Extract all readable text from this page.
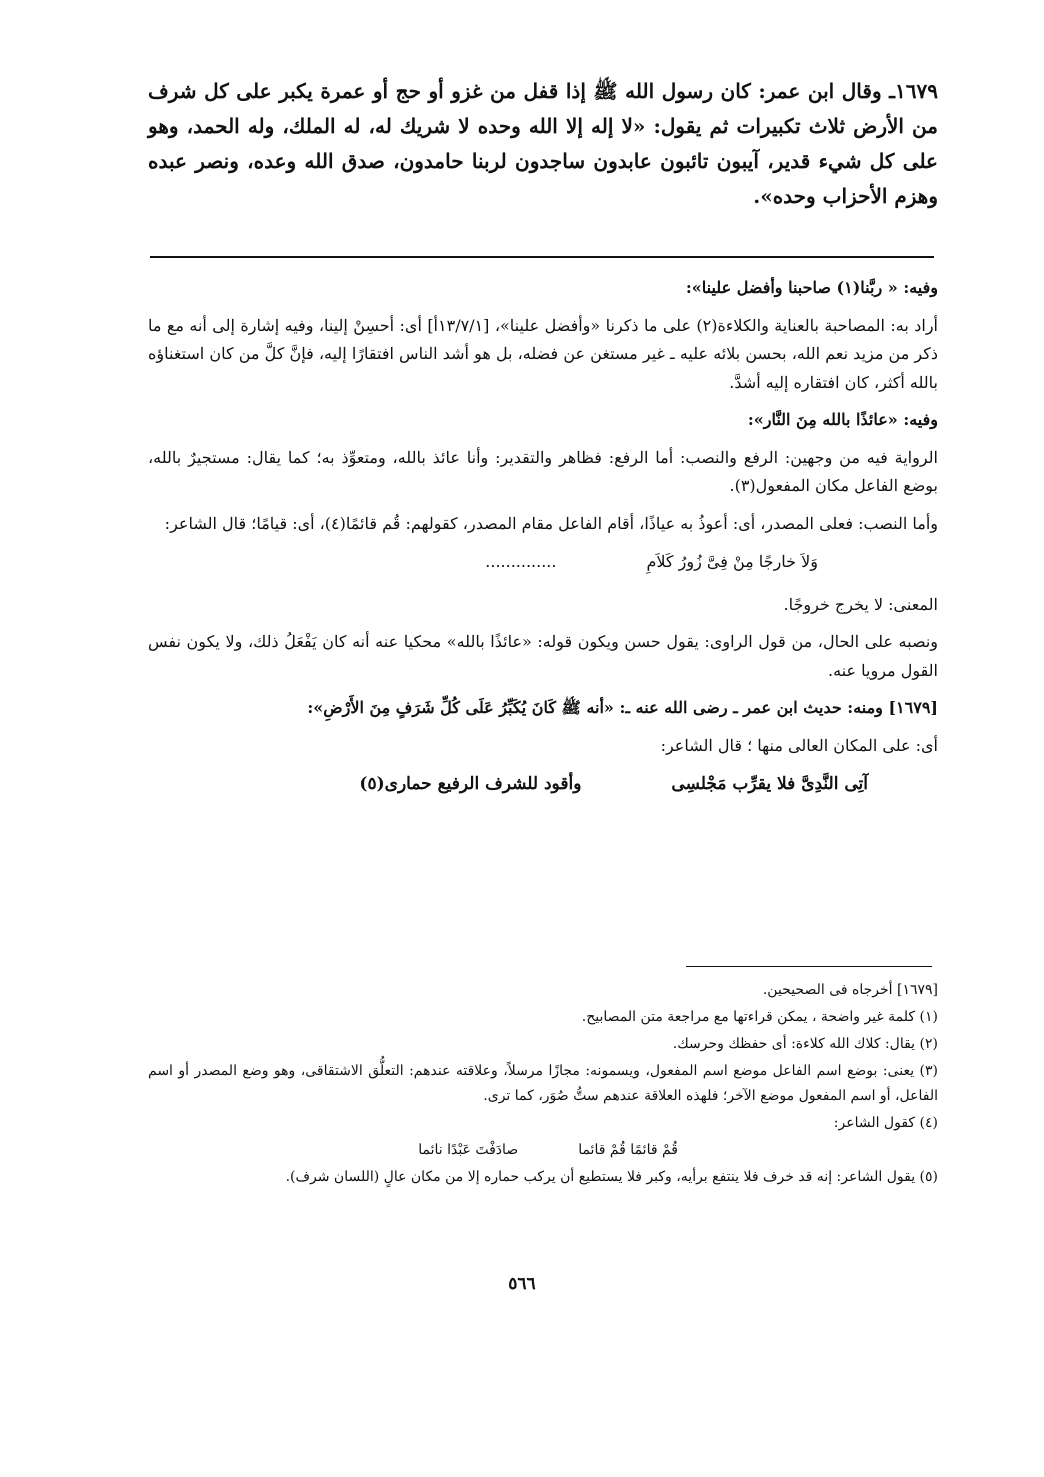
١٦٧٩ـ وقال ابن عمر: كان رسول الله ﷺ إذا قفل من غزو أو حج أو عمرة يكبر على كل شرف من الأرض ثلاث تكبيرات ثم يقول: «لا إله إلا الله وحده لا شريك له، له الملك، وله الحمد، وهو على كل شيء قدير، آيبون تائبون عابدون ساجدون لربنا حامدون، صدق الله وعده، ونصر عبده وهزم الأحزاب وحده».

وفيه: « ربَّنا(١) صاحبنا وأفضل علينا»:

أراد به: المصاحبة بالعناية والكلاءة(٢) على ما ذكرنا «وأفضل علينا»، [١٣/٧/١أ] أى: أحسِنْ إلينا، وفيه إشارة إلى أنه مع ما ذكر من مزيد نعم الله، بحسن بلائه عليه ـ غير مستغن عن فضله، بل هو أشد الناس افتقارًا إليه، فإنَّ كلَّ من كان استغناؤه بالله أكثر، كان افتقاره إليه أشدَّ.

وفيه: «عائذًا بالله مِنَ النَّار»:

الرواية فيه من وجهين: الرفع والنصب: أما الرفع: فظاهر والتقدير: وأنا عائذ بالله، ومتعوِّذ به؛ كما يقال: مستجيرٌ بالله، بوضع الفاعل مكان المفعول(٣).

وأما النصب: فعلى المصدر، أى: أعوذُ به عياذًا، أقام الفاعل مقام المصدر، كقولهم: قُم قائمًا(٤)، أى: قيامًا؛ قال الشاعر:

وَلاَ خارجًا مِنْ فِىَّ زُورُ كَلاَمِ
..............

المعنى: لا يخرج خروجًا.

ونصبه على الحال، من قول الراوى: يقول حسن ويكون قوله: «عائذًا بالله» محكيا عنه أنه كان يَفْعَلُ ذلك، ولا يكون نفس القول مرويا عنه.

[١٦٧٩] ومنه: حديث ابن عمر ـ رضى الله عنه ـ: «أنه ﷺ كَانَ يُكَبِّرُ عَلَى كُلِّ شَرَفٍ مِنَ الأَرْضِ»:

أى: على المكان العالى منها ؛ قال الشاعر:

آتِى النَّدِىَّ فلا يقرِّب مَجْلسِى
وأقود للشرف الرفيع حمارى(٥)

[١٦٧٩] أخرجاه فى الصحيحين.

(١) كلمة غير واضحة ، يمكن قراءتها مع مراجعة متن المصابيح.

(٢) يقال: كلاك الله كلاءة: أى حفظك وحرسك.

(٣) يعنى: بوضع اسم الفاعل موضع اسم المفعول، ويسمونه: مجازًا مرسلاً، وعلاقته عندهم: التعلُّق الاشتقاقى، وهو وضع المصدر أو اسم الفاعل، أو اسم المفعول موضع الآخر؛ فلهذه العلاقة عندهم ستُّ صُوَر، كما ترى.

(٤) كقول الشاعر:

قُمْ قائمًا قُمْ قائما
صادَفْتَ عَبْدًا نائما

(٥) يقول الشاعر: إنه قد خرف فلا ينتفع برأيه، وكبر فلا يستطيع أن يركب حماره إلا من مكان عالٍ (اللسان شرف).

٥٦٦
